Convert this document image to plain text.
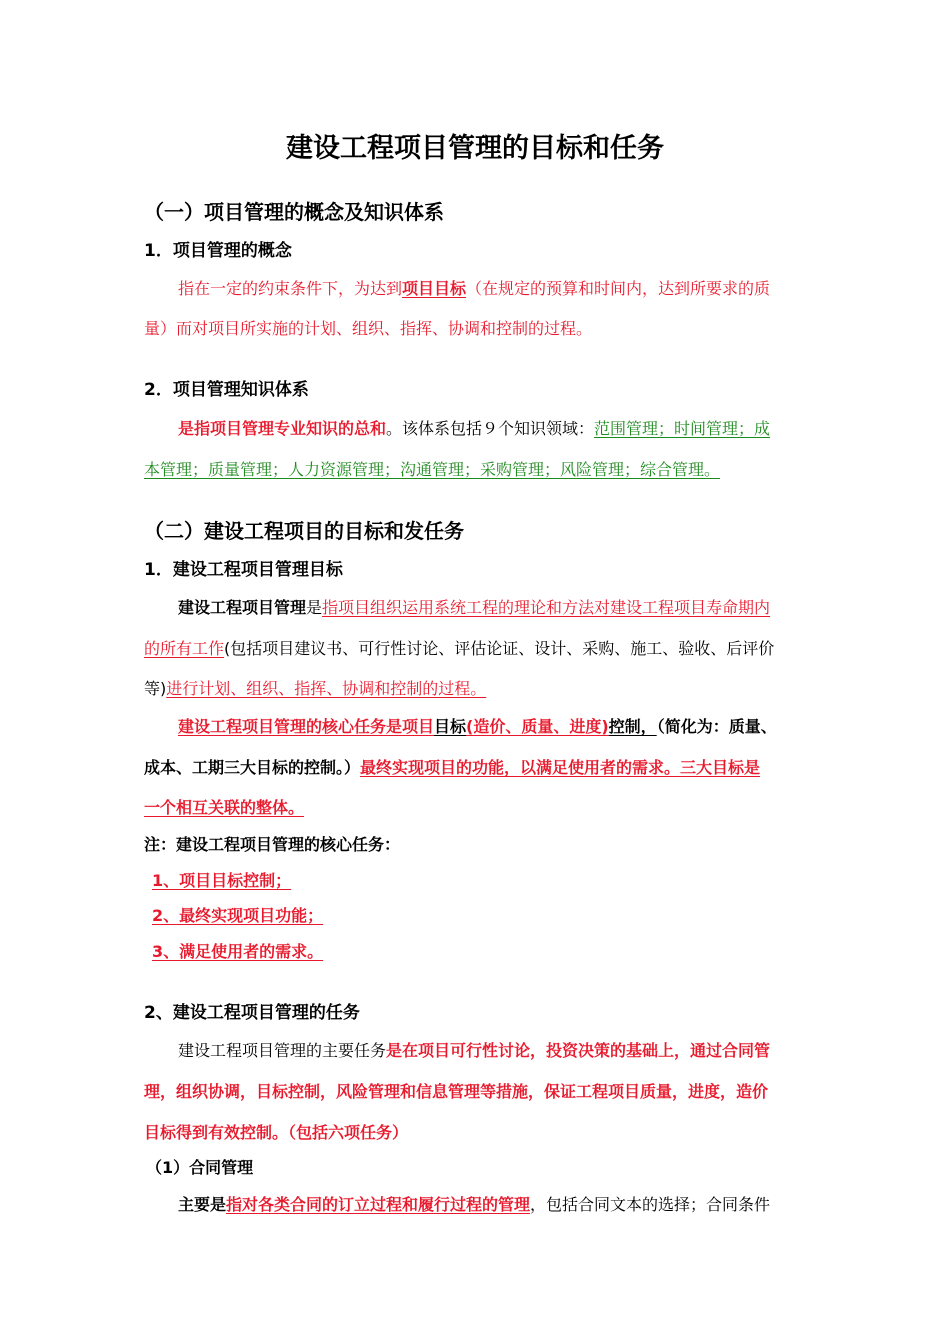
建设工程项目管理的目标和任务
（一）项目管理的概念及知识体系
1．项目管理的概念
指在一定的约束条件下，为达到项目目标（在规定的预算和时间内，达到所要求的质
量）而对项目所实施的计划、组织、指挥、协调和控制的过程。
2．项目管理知识体系
是指项目管理专业知识的总和。该体系包括９个知识领域：范围管理；时间管理；成
本管理；质量管理；人力资源管理；沟通管理；采购管理；风险管理；综合管理。
（二）建设工程项目的目标和发任务
1．建设工程项目管理目标
建设工程项目管理是指项目组织运用系统工程的理论和方法对建设工程项目寿命期内
的所有工作(包括项目建议书、可行性讨论、评估论证、设计、采购、施工、验收、后评价
等)进行计划、组织、指挥、协调和控制的过程。
建设工程项目管理的核心任务是项目目标(造价、质量、进度)控制，（简化为：质量、
成本、工期三大目标的控制。）最终实现项目的功能，以满足使用者的需求。三大目标是
一个相互关联的整体。
注：建设工程项目管理的核心任务：
1、项目目标控制；
2、最终实现项目功能；
3、满足使用者的需求。
2、建设工程项目管理的任务
建设工程项目管理的主要任务是在项目可行性讨论，投资决策的基础上，通过合同管
理，组织协调，目标控制，风险管理和信息管理等措施，保证工程项目质量，进度，造价
目标得到有效控制。（包括六项任务）
（1）合同管理
主要是指对各类合同的订立过程和履行过程的管理，包括合同文本的选择；合同条件
